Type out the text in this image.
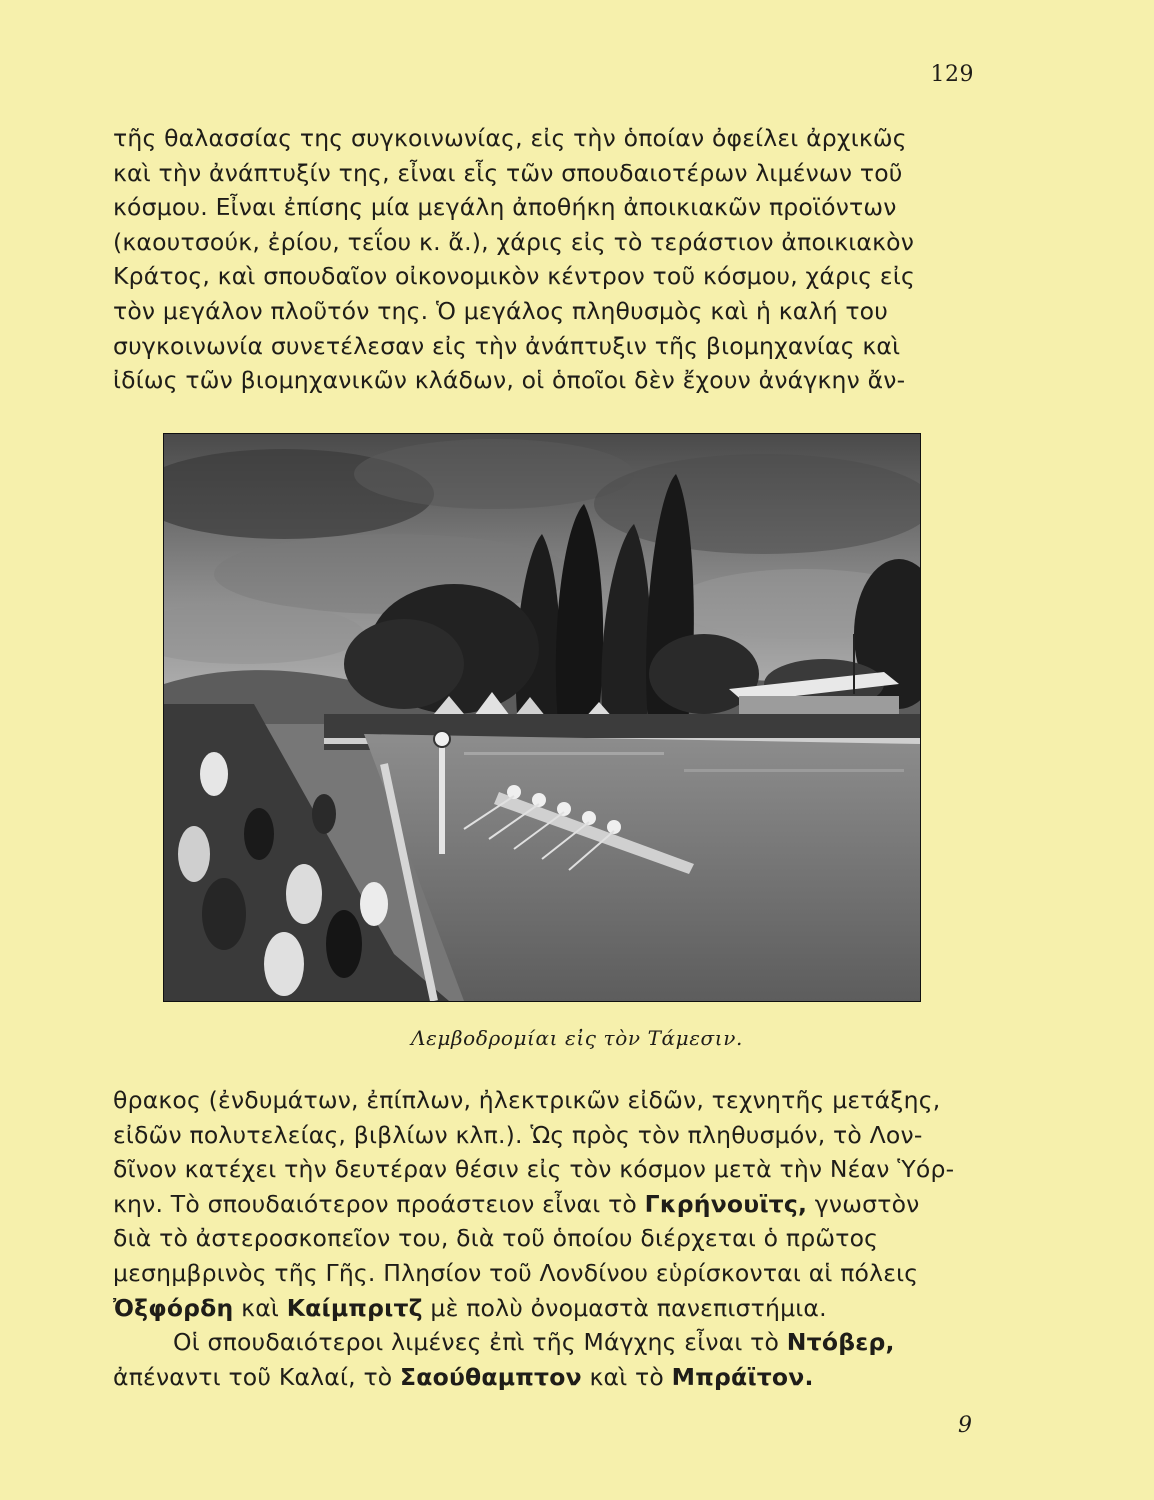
129

τῆς θαλασσίας της συγκοινωνίας, εἰς τὴν ὁποίαν ὀφείλει ἀρχικῶς

καὶ τὴν ἀνάπτυξίν της, εἶναι εἷς τῶν σπουδαιοτέρων λιμένων τοῦ

κόσμου. Εἶναι ἐπίσης μία μεγάλη ἀποθήκη ἀποικιακῶν προϊόντων

(καουτσούκ, ἐρίου, τεΐου κ. ἄ.), χάρις εἰς τὸ τεράστιον ἀποικιακὸν

Κράτος, καὶ σπουδαῖον οἰκονομικὸν κέντρον τοῦ κόσμου, χάρις εἰς

τὸν μεγάλον πλοῦτόν της. Ὁ μεγάλος πληθυσμὸς καὶ ἡ καλή του

συγκοινωνία συνετέλεσαν εἰς τὴν ἀνάπτυξιν τῆς βιομηχανίας καὶ

ἰδίως τῶν βιομηχανικῶν κλάδων, οἱ ὁποῖοι δὲν ἔχουν ἀνάγκην ἄν-

Λεμβοδρομίαι εἰς τὸν Τάμεσιν.

θρακος (ἐνδυμάτων, ἐπίπλων, ἠλεκτρικῶν εἰδῶν, τεχνητῆς μετάξης,

εἰδῶν πολυτελείας, βιβλίων κλπ.). Ὡς πρὸς τὸν πληθυσμόν, τὸ Λον-

δῖνον κατέχει τὴν δευτέραν θέσιν εἰς τὸν κόσμον μετὰ τὴν Νέαν Ὑόρ-

κην. Τὸ σπουδαιότερον προάστειον εἶναι τὸ Γκρήνουϊτς, γνωστὸν

διὰ τὸ ἀστεροσκοπεῖον του, διὰ τοῦ ὁποίου διέρχεται ὁ πρῶτος

μεσημβρινὸς τῆς Γῆς. Πλησίον τοῦ Λονδίνου εὑρίσκονται αἱ πόλεις

Ὀξφόρδη καὶ Καίμπριτζ μὲ πολὺ ὀνομαστὰ πανεπιστήμια.

Οἱ σπουδαιότεροι λιμένες ἐπὶ τῆς Μάγχης εἶναι τὸ Ντόβερ,

ἀπέναντι τοῦ Καλαί, τὸ Σαούθαμπτον καὶ τὸ Μπράϊτον.

9
